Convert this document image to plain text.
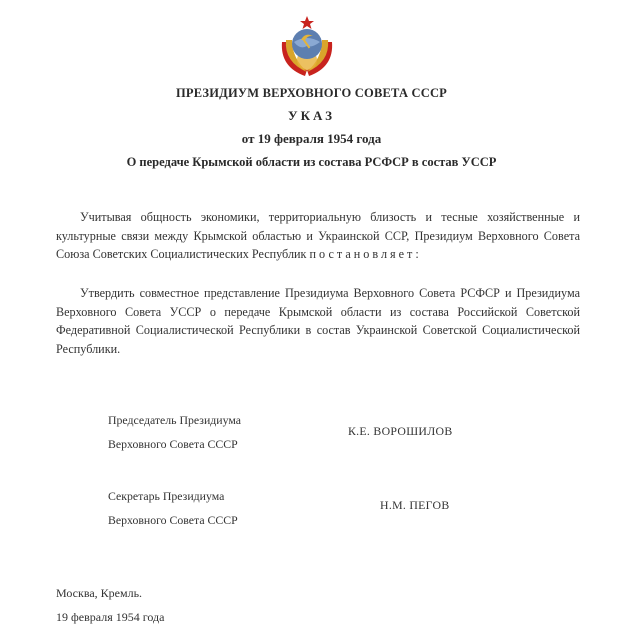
ПРЕЗИДИУМ ВЕРХОВНОГО СОВЕТА СССР
УКАЗ
от 19 февраля 1954 года
О передаче Крымской области из состава РСФСР в состав УССР
Учитывая общность экономики, территориальную близость и тесные хозяйственные и культурные связи между Крымской областью и Украинской ССР, Президиум Верховного Совета Союза Советских Социалистических Республик постановляет:
Утвердить совместное представление Президиума Верховного Совета РСФСР и Президиума Верховного Совета УССР о передаче Крымской области из состава Российской Советской Федеративной Социалистической Республики в состав Украинской Советской Социалистической Республики.
Председатель Президиума
Верховного Совета СССР
К.Е. ВОРОШИЛОВ
Секретарь Президиума
Верховного Совета СССР
Н.М. ПЕГОВ
Москва, Кремль.
19 февраля 1954 года
